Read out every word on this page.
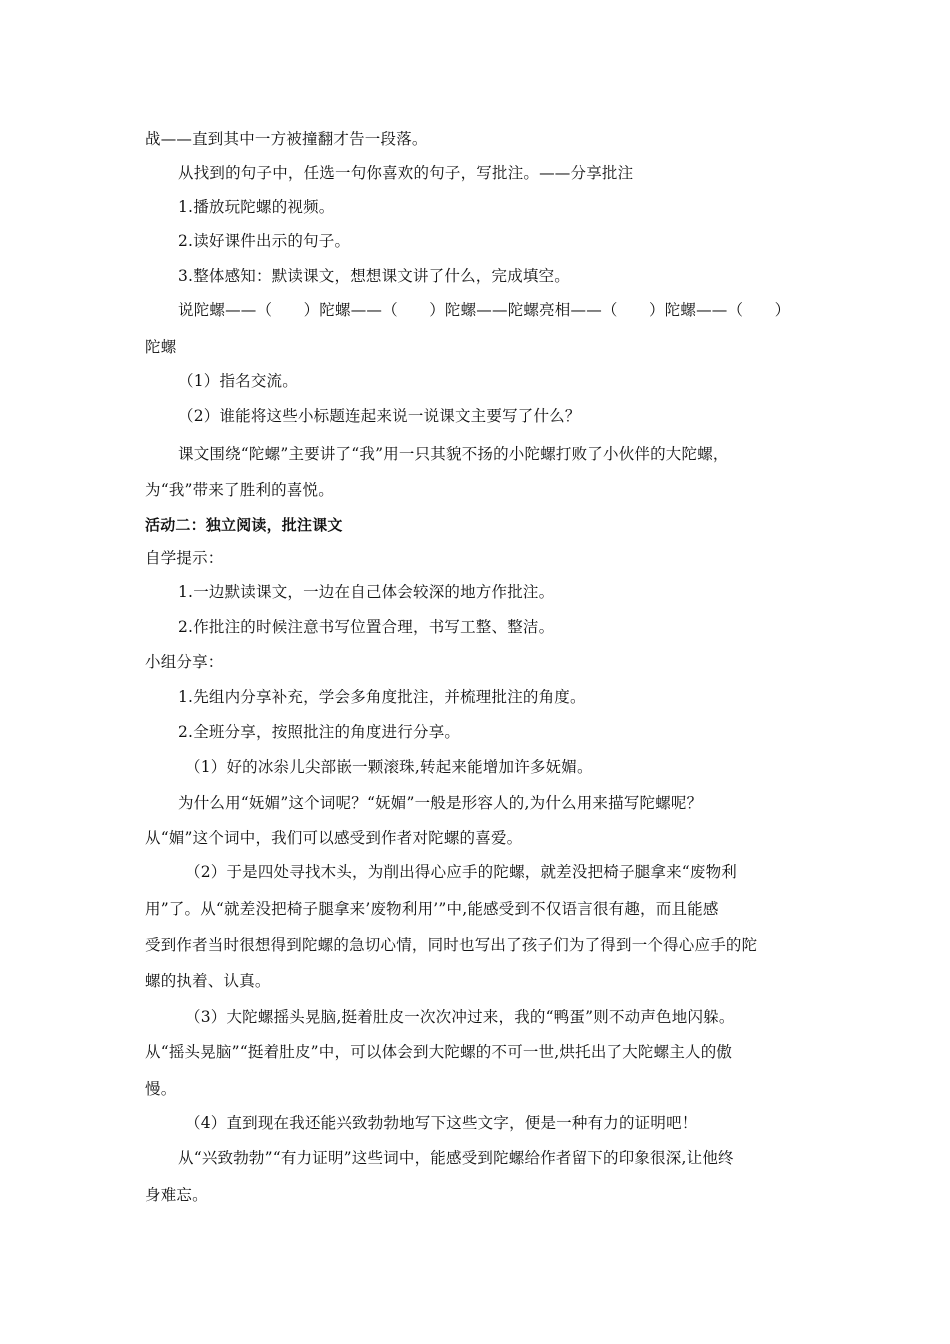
战——直到其中一方被撞翻才告一段落。
从找到的句子中，任选一句你喜欢的句子，写批注。——分享批注
1.播放玩陀螺的视频。
2.读好课件出示的句子。
3.整体感知：默读课文，想想课文讲了什么，完成填空。
说陀螺——（　　）陀螺——（　　）陀螺——陀螺亮相——（　　）陀螺——（　　）
陀螺
（1）指名交流。
（2）谁能将这些小标题连起来说一说课文主要写了什么？
课文围绕“陀螺”主要讲了“我”用一只其貌不扬的小陀螺打败了小伙伴的大陀螺，
为“我”带来了胜利的喜悦。
活动二：独立阅读，批注课文
自学提示：
1.一边默读课文，一边在自己体会较深的地方作批注。
2.作批注的时候注意书写位置合理，书写工整、整洁。
小组分享：
1.先组内分享补充，学会多角度批注，并梳理批注的角度。
2.全班分享，按照批注的角度进行分享。
（1）好的冰尜儿尖部嵌一颗滚珠,转起来能增加许多妩媚。
为什么用“妩媚”这个词呢？“妩媚”一般是形容人的,为什么用来描写陀螺呢？
从“媚”这个词中，我们可以感受到作者对陀螺的喜爱。
（2）于是四处寻找木头，为削出得心应手的陀螺，就差没把椅子腿拿来“废物利
用”了。从“就差没把椅子腿拿来’废物利用’”中,能感受到不仅语言很有趣，而且能感
受到作者当时很想得到陀螺的急切心情，同时也写出了孩子们为了得到一个得心应手的陀
螺的执着、认真。
（3）大陀螺摇头晃脑,挺着肚皮一次次冲过来，我的“鸭蛋”则不动声色地闪躲。
从“摇头晃脑”“挺着肚皮”中，可以体会到大陀螺的不可一世,烘托出了大陀螺主人的傲
慢。
（4）直到现在我还能兴致勃勃地写下这些文字，便是一种有力的证明吧！
从“兴致勃勃”“有力证明”这些词中，能感受到陀螺给作者留下的印象很深,让他终
身难忘。
